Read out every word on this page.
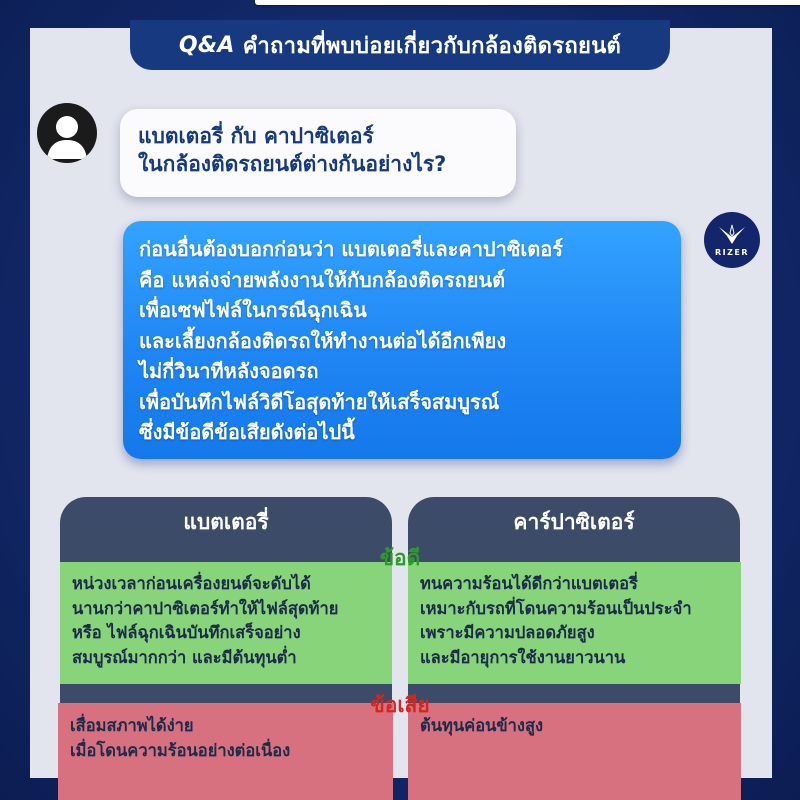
Q&A คำถามที่พบบ่อยเกี่ยวกับกล้องติดรถยนต์
แบตเตอรี่ กับ คาปาซิเตอร์
ในกล้องติดรถยนต์ต่างกันอย่างไร?
RIZER
ก่อนอื่นต้องบอกก่อนว่า แบตเตอรี่และคาปาซิเตอร์
คือ แหล่งจ่ายพลังงานให้กับกล้องติดรถยนต์
เพื่อเซฟไฟล์ในกรณีฉุกเฉิน
และเลี้ยงกล้องติดรถให้ทำงานต่อได้อีกเพียง
ไม่กี่วินาทีหลังจอดรถ
เพื่อบันทึกไฟล์วิดีโอสุดท้ายให้เสร็จสมบูรณ์
ซึ่งมีข้อดีข้อเสียดังต่อไปนี้
แบตเตอรี่	คาร์ปาซิเตอร์
ข้อดี
หน่วงเวลาก่อนเครื่องยนต์จะดับได้
นานกว่าคาปาซิเตอร์ทำให้ไฟล์สุดท้าย
หรือ ไฟล์ฉุกเฉินบันทึกเสร็จอย่าง
สมบูรณ์มากกว่า และมีต้นทุนต่ำ
ทนความร้อนได้ดีกว่าแบตเตอรี่
เหมาะกับรถที่โดนความร้อนเป็นประจำ
เพราะมีความปลอดภัยสูง
และมีอายุการใช้งานยาวนาน
ข้อเสีย
เสื่อมสภาพได้ง่าย
เมื่อโดนความร้อนอย่างต่อเนื่อง
ต้นทุนค่อนข้างสูง
